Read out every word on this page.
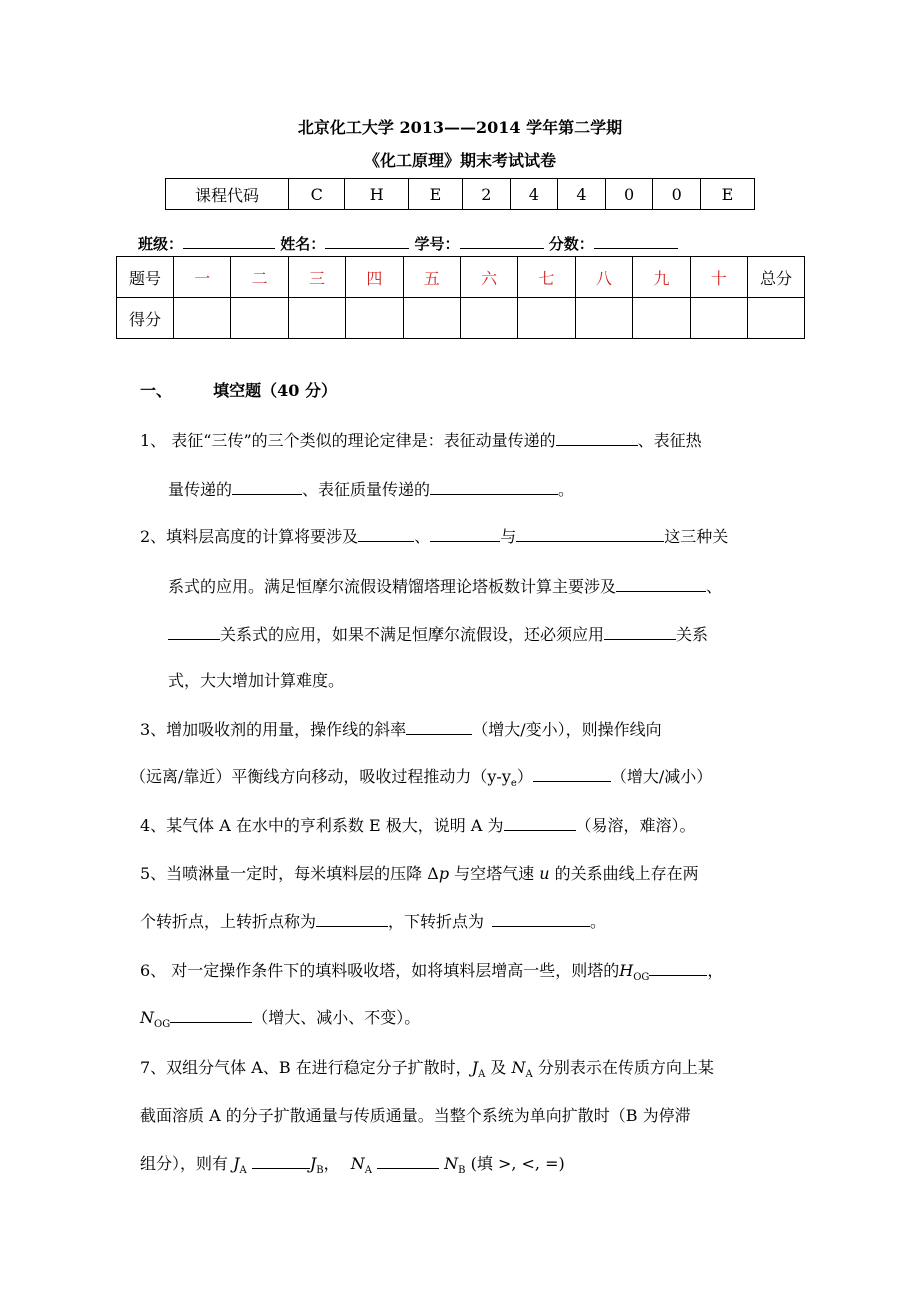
北京化工大学 2013——2014 学年第二学期
《化工原理》期末考试试卷
课程代码	C	H	E	2	4	4	0	0	E
班级：	姓名：	学号：	分数：
题号	一	二	三	四	五	六	七	八	九	十	总分
得分											
一、	填空题（40 分）
1、 表征“三传”的三个类似的理论定律是：表征动量传递的	、表征热
量传递的	、表征质量传递的	。
2、填料层高度的计算将要涉及	、	与	这三种关
系式的应用。满足恒摩尔流假设精馏塔理论塔板数计算主要涉及	、
关系式的应用，如果不满足恒摩尔流假设，还必须应用	关系
式，大大增加计算难度。
3、增加吸收剂的用量，操作线的斜率	（增大/变小），则操作线向
（远离/靠近）平衡线方向移动，吸收过程推动力$(y-y_e)$	（增大/减小）
4、某气体 A 在水中的亨利系数 E 极大，说明 A 为	（易溶，难溶）。
5、当喷淋量一定时，每米填料层的压降 Δp 与空塔气速 u 的关系曲线上存在两
个转折点，上转折点称为	，下转折点为	。
6、 对一定操作条件下的填料吸收塔，如将填料层增高一些，则塔的$H_{OG}$	，
$N_{OG}$	（增大、减小、不变）。
7、双组分气体 A、B 在进行稳定分子扩散时，$J_A$ 及 $N_A$ 分别表示在传质方向上某
截面溶质 A 的分子扩散通量与传质通量。当整个系统为单向扩散时（B 为停滞
组分），则有 $J_A$	$J_B$， $N_A$	$N_B$ (填 >, <, =)
